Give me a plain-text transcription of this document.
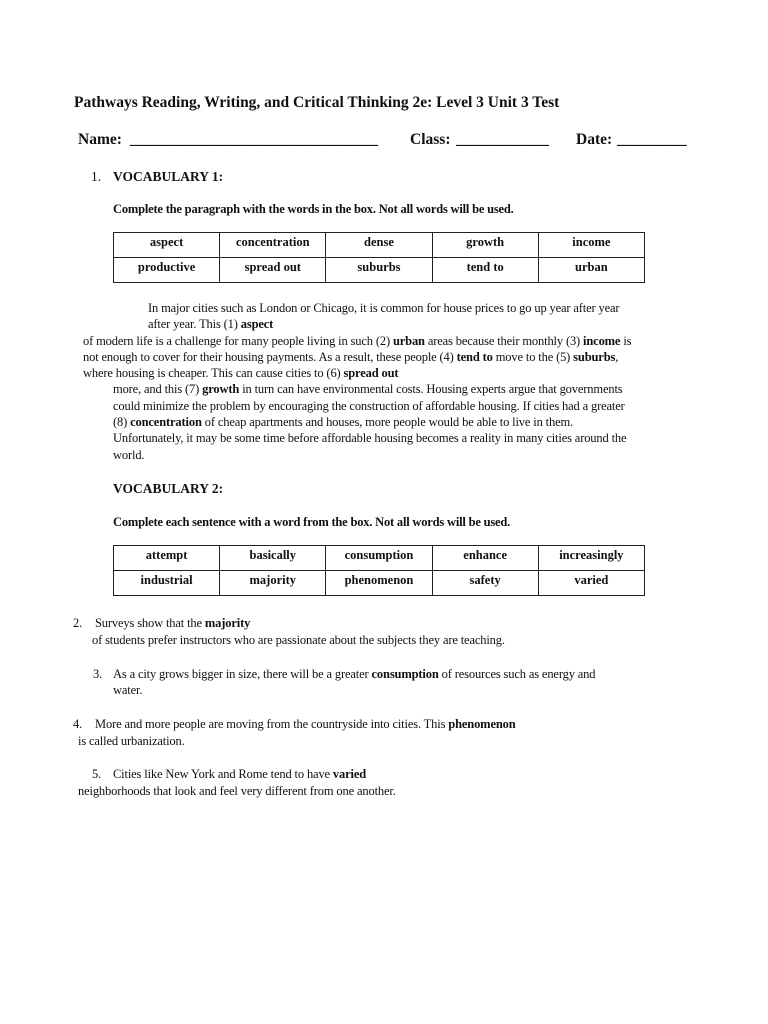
Pathways Reading, Writing, and Critical Thinking 2e: Level 3 Unit 3 Test
Name: ________________________________ Class: ____________ Date: _________
1. VOCABULARY 1:
Complete the paragraph with the words in the box. Not all words will be used.
aspect	concentration	dense	growth	income
productive	spread out	suburbs	tend to	urban
In major cities such as London or Chicago, it is common for house prices to go up year after year
after year. This (1) aspect
of modern life is a challenge for many people living in such (2) urban areas because their monthly (3) income is
not enough to cover for their housing payments. As a result, these people (4) tend to move to the (5) suburbs,
where housing is cheaper. This can cause cities to (6) spread out
more, and this (7) growth in turn can have environmental costs. Housing experts argue that governments
could minimize the problem by encouraging the construction of affordable housing. If cities had a greater
(8) concentration of cheap apartments and houses, more people would be able to live in them.
Unfortunately, it may be some time before affordable housing becomes a reality in many cities around the
world.
VOCABULARY 2:
Complete each sentence with a word from the box. Not all words will be used.
attempt	basically	consumption	enhance	increasingly
industrial	majority	phenomenon	safety	varied
2. Surveys show that the majority
of students prefer instructors who are passionate about the subjects they are teaching.
3. As a city grows bigger in size, there will be a greater consumption of resources such as energy and
water.
4. More and more people are moving from the countryside into cities. This phenomenon
is called urbanization.
5. Cities like New York and Rome tend to have varied
neighborhoods that look and feel very different from one another.
